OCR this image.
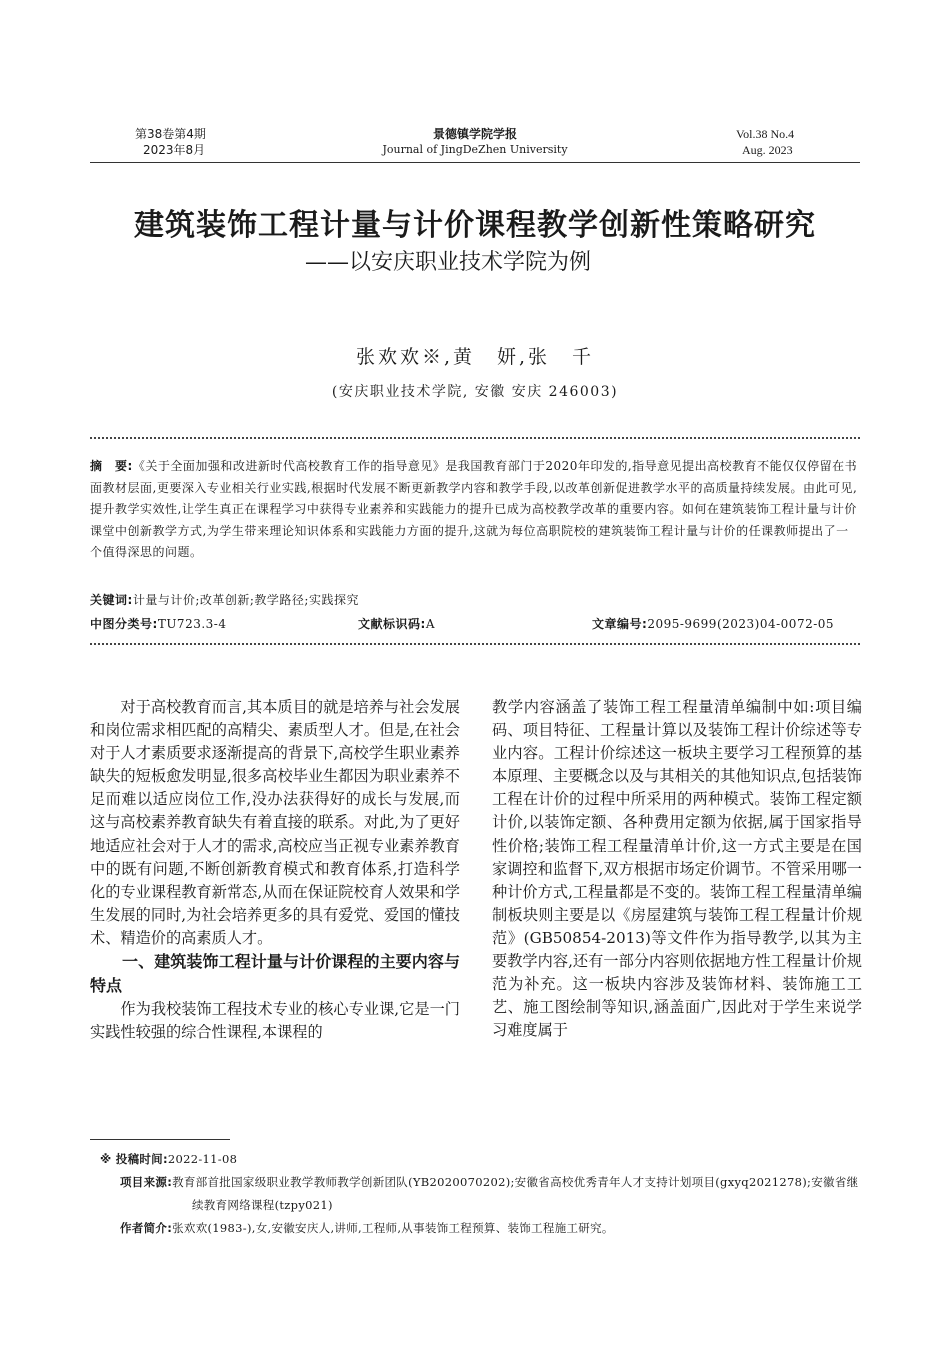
第38卷第4期
2023年8月
景德镇学院学报
Journal of JingDeZhen University
Vol.38 No.4
Aug. 2023
建筑装饰工程计量与计价课程教学创新性策略研究
——以安庆职业技术学院为例
张欢欢※,黄　妍,张　千
(安庆职业技术学院, 安徽 安庆 246003)
摘　要:《关于全面加强和改进新时代高校教育工作的指导意见》是我国教育部门于2020年印发的,指导意见提出高校教育不能仅仅停留在书面教材层面,更要深入专业相关行业实践,根据时代发展不断更新教学内容和教学手段,以改革创新促进教学水平的高质量持续发展。由此可见,提升教学实效性,让学生真正在课程学习中获得专业素养和实践能力的提升已成为高校教学改革的重要内容。如何在建筑装饰工程计量与计价课堂中创新教学方式,为学生带来理论知识体系和实践能力方面的提升,这就为每位高职院校的建筑装饰工程计量与计价的任课教师提出了一个值得深思的问题。
关键词:计量与计价;改革创新;教学路径;实践探究
中图分类号:TU723.3-4	文献标识码:A	文章编号:2095-9699(2023)04-0072-05

对于高校教育而言,其本质目的就是培养与社会发展和岗位需求相匹配的高精尖、素质型人才。但是,在社会对于人才素质要求逐渐提高的背景下,高校学生职业素养缺失的短板愈发明显,很多高校毕业生都因为职业素养不足而难以适应岗位工作,没办法获得好的成长与发展,而这与高校素养教育缺失有着直接的联系。对此,为了更好地适应社会对于人才的需求,高校应当正视专业素养教育中的既有问题,不断创新教育模式和教育体系,打造科学化的专业课程教育新常态,从而在保证院校育人效果和学生发展的同时,为社会培养更多的具有爱党、爱国的懂技术、精造价的高素质人才。

一、建筑装饰工程计量与计价课程的主要内容与特点

作为我校装饰工程技术专业的核心专业课,它是一门实践性较强的综合性课程,本课程的

教学内容涵盖了装饰工程工程量清单编制中如:项目编码、项目特征、工程量计算以及装饰工程计价综述等专业内容。工程计价综述这一板块主要学习工程预算的基本原理、主要概念以及与其相关的其他知识点,包括装饰工程在计价的过程中所采用的两种模式。装饰工程定额计价,以装饰定额、各种费用定额为依据,属于国家指导性价格;装饰工程工程量清单计价,这一方式主要是在国家调控和监督下,双方根据市场定价调节。不管采用哪一种计价方式,工程量都是不变的。装饰工程工程量清单编制板块则主要是以《房屋建筑与装饰工程工程量计价规范》(GB50854-2013)等文件作为指导教学,以其为主要教学内容,还有一部分内容则依据地方性工程量计价规范为补充。这一板块内容涉及装饰材料、装饰施工工艺、施工图绘制等知识,涵盖面广,因此对于学生来说学习难度属于

※ 投稿时间:2022-11-08
项目来源:教育部首批国家级职业教学教师教学创新团队(YB2020070202);安徽省高校优秀青年人才支持计划项目(gxyq2021278);安徽省继续教育网络课程(tzpy021)
作者简介:张欢欢(1983-),女,安徽安庆人,讲师,工程师,从事装饰工程预算、装饰工程施工研究。
